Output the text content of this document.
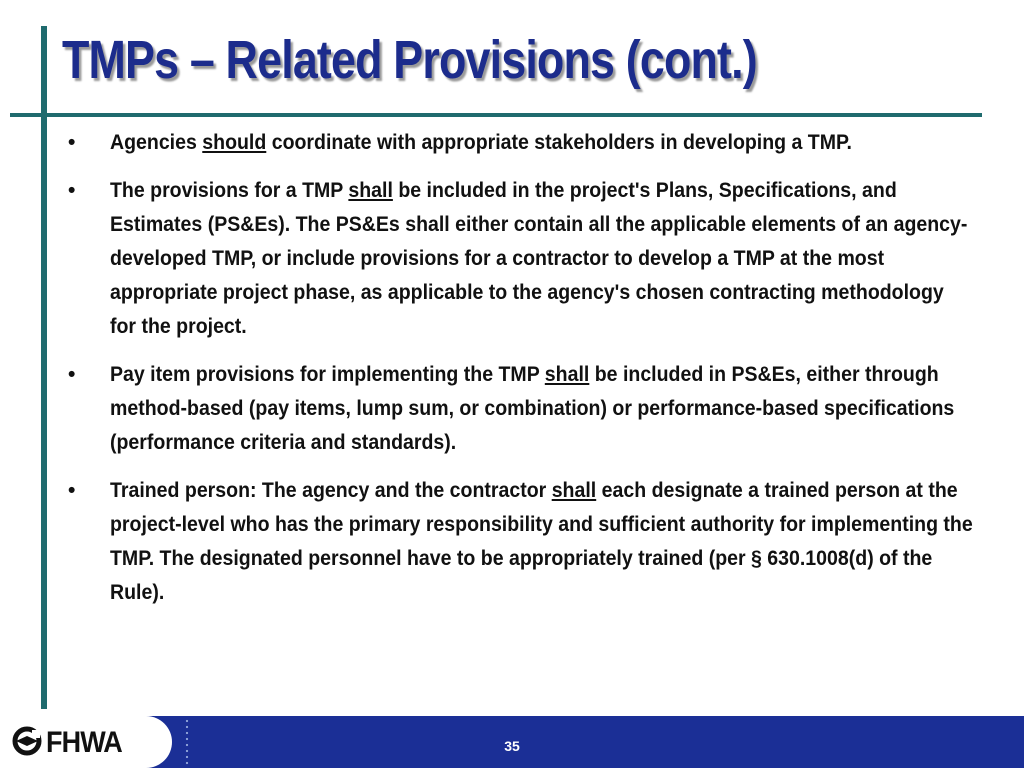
TMPs – Related Provisions (cont.)
• Agencies should coordinate with appropriate stakeholders in developing a TMP.
• The provisions for a TMP shall be included in the project's Plans, Specifications, and Estimates (PS&Es). The PS&Es shall either contain all the applicable elements of an agency-developed TMP, or include provisions for a contractor to develop a TMP at the most appropriate project phase, as applicable to the agency's chosen contracting methodology for the project.
• Pay item provisions for implementing the TMP shall be included in PS&Es, either through method-based (pay items, lump sum, or combination) or performance-based specifications (performance criteria and standards).
• Trained person: The agency and the contractor shall each designate a trained person at the project-level who has the primary responsibility and sufficient authority for implementing the TMP. The designated personnel have to be appropriately trained (per § 630.1008(d) of the Rule).
FHWA	35
